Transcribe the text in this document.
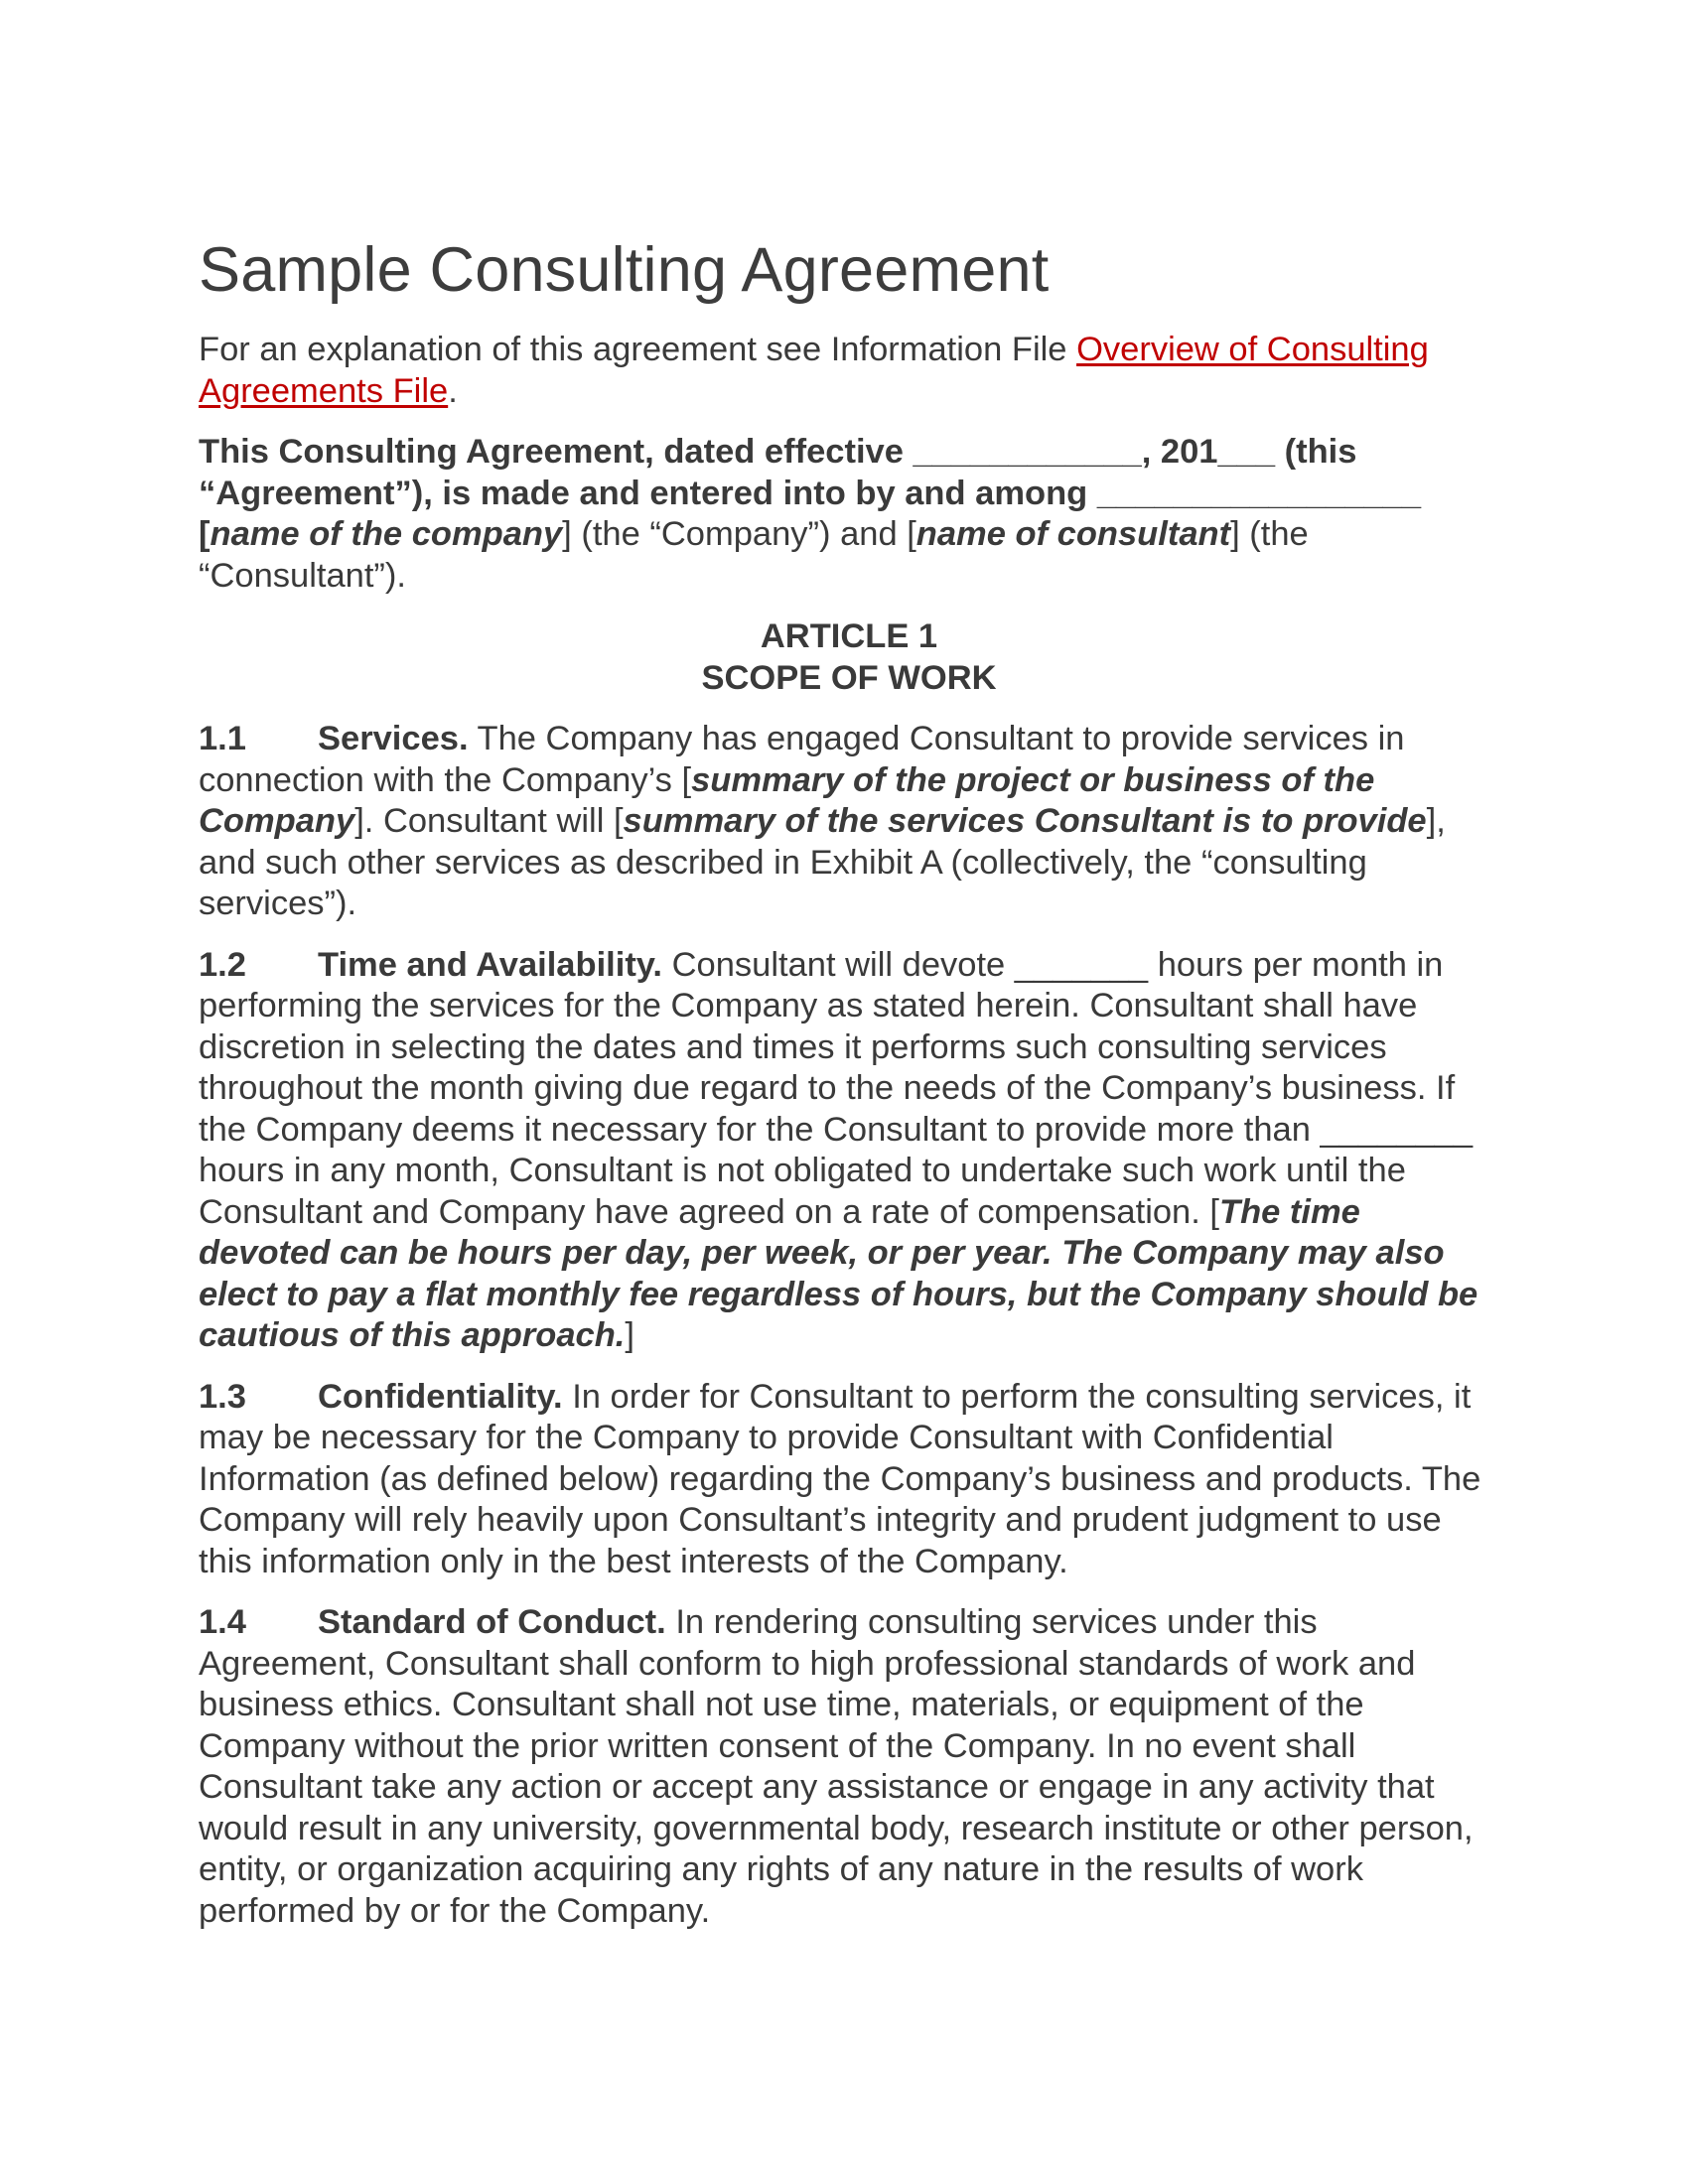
Sample Consulting Agreement

For an explanation of this agreement see Information File Overview of Consulting Agreements File.

This Consulting Agreement, dated effective ____________, 201___ (this “Agreement”), is made and entered into by and among _________________ [name of the company] (the “Company”) and [name of consultant] (the “Consultant”).

ARTICLE 1
SCOPE OF WORK

1.1 Services. The Company has engaged Consultant to provide services in connection with the Company’s [summary of the project or business of the Company]. Consultant will [summary of the services Consultant is to provide], and such other services as described in Exhibit A (collectively, the “consulting services”).

1.2 Time and Availability. Consultant will devote _______ hours per month in performing the services for the Company as stated herein. Consultant shall have discretion in selecting the dates and times it performs such consulting services throughout the month giving due regard to the needs of the Company’s business. If the Company deems it necessary for the Consultant to provide more than ________ hours in any month, Consultant is not obligated to undertake such work until the Consultant and Company have agreed on a rate of compensation. [The time devoted can be hours per day, per week, or per year. The Company may also elect to pay a flat monthly fee regardless of hours, but the Company should be cautious of this approach.]

1.3 Confidentiality. In order for Consultant to perform the consulting services, it may be necessary for the Company to provide Consultant with Confidential Information (as defined below) regarding the Company’s business and products. The Company will rely heavily upon Consultant’s integrity and prudent judgment to use this information only in the best interests of the Company.

1.4 Standard of Conduct. In rendering consulting services under this Agreement, Consultant shall conform to high professional standards of work and business ethics. Consultant shall not use time, materials, or equipment of the Company without the prior written consent of the Company. In no event shall Consultant take any action or accept any assistance or engage in any activity that would result in any university, governmental body, research institute or other person, entity, or organization acquiring any rights of any nature in the results of work performed by or for the Company.
